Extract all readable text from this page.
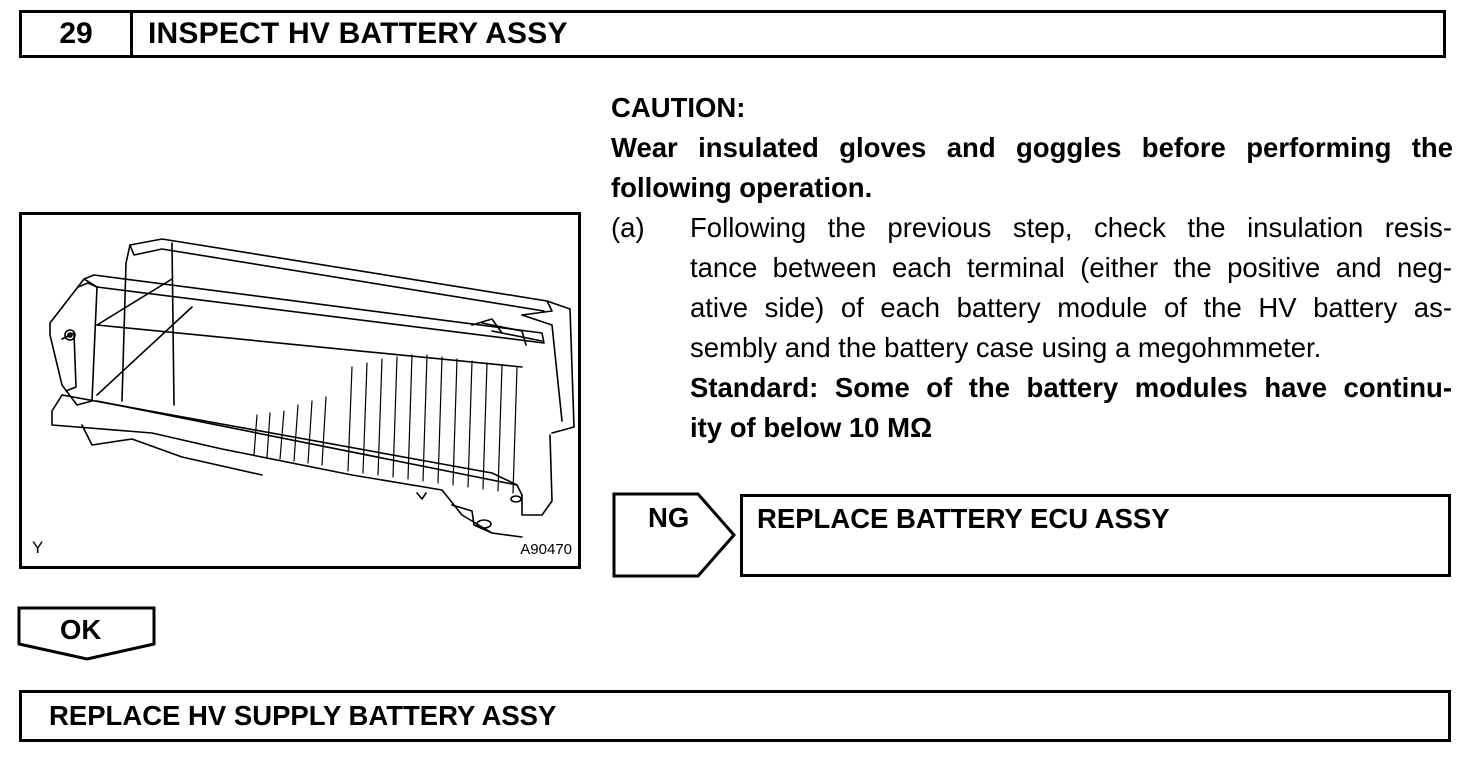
29	INSPECT HV BATTERY ASSY
Y	A90470
CAUTION:
Wear insulated gloves and goggles before performing the
following operation.
(a) Following the previous step, check the insulation resis-
tance between each terminal (either the positive and neg-
ative side) of each battery module of the HV battery as-
sembly and the battery case using a megohmmeter.
Standard: Some of the battery modules have continu-
ity of below 10 MΩ
NG REPLACE BATTERY ECU ASSY
OK
REPLACE HV SUPPLY BATTERY ASSY
